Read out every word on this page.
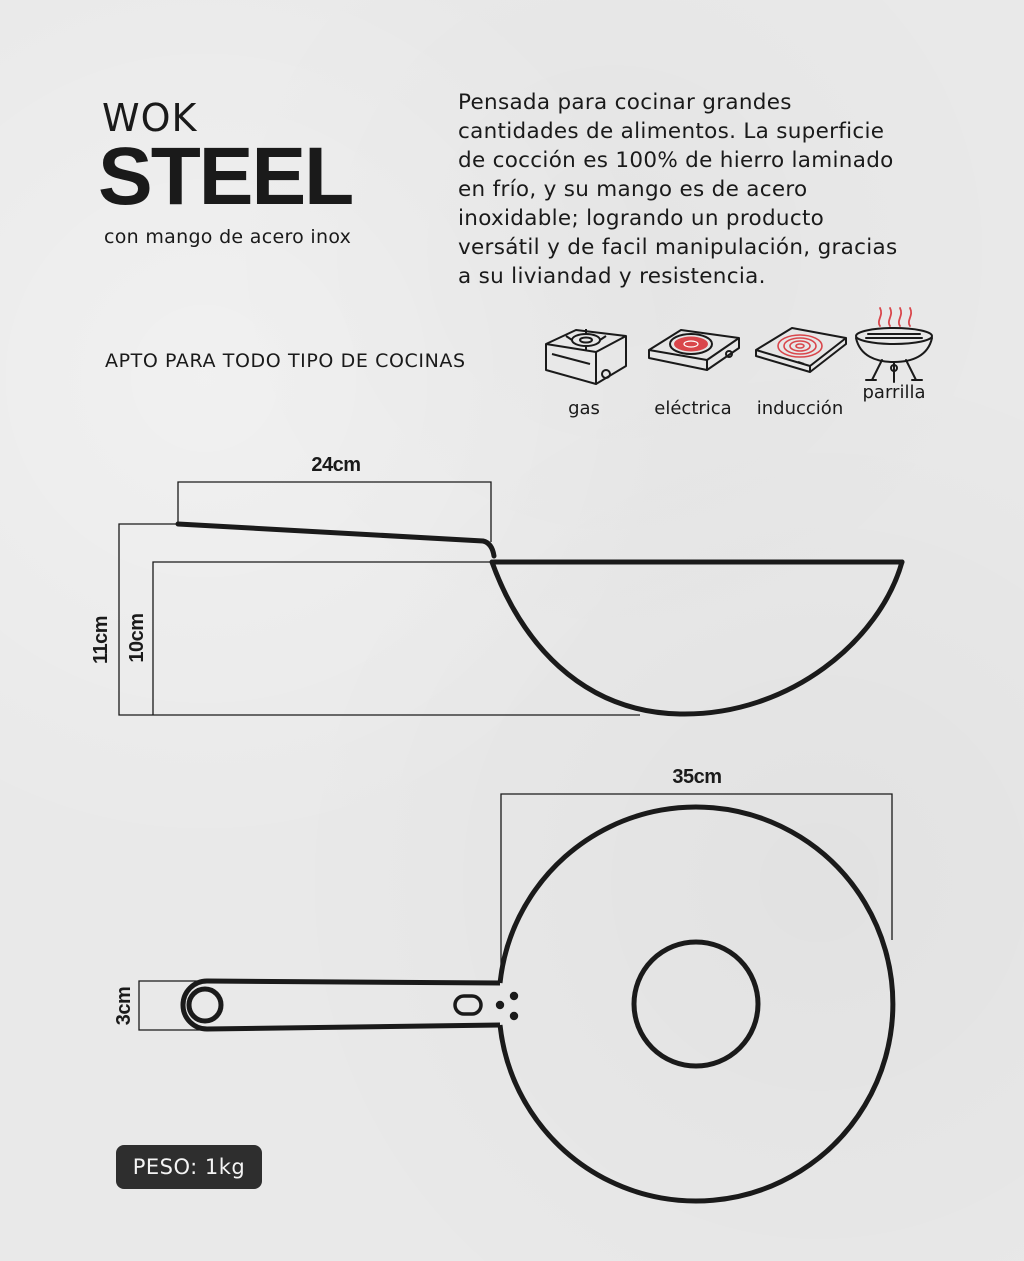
WOK
STEEL
con mango de acero inox
Pensada para cocinar grandes
cantidades de alimentos. La superficie
de cocción es 100% de hierro laminado
en frío, y su mango es de acero
inoxidable; logrando un producto
versátil y de facil manipulación, gracias
a su liviandad y resistencia.
APTO PARA TODO TIPO DE COCINAS
gas	eléctrica	inducción
parrilla
24cm
35cm
11cm 10cm
3cm
PESO: 1kg
